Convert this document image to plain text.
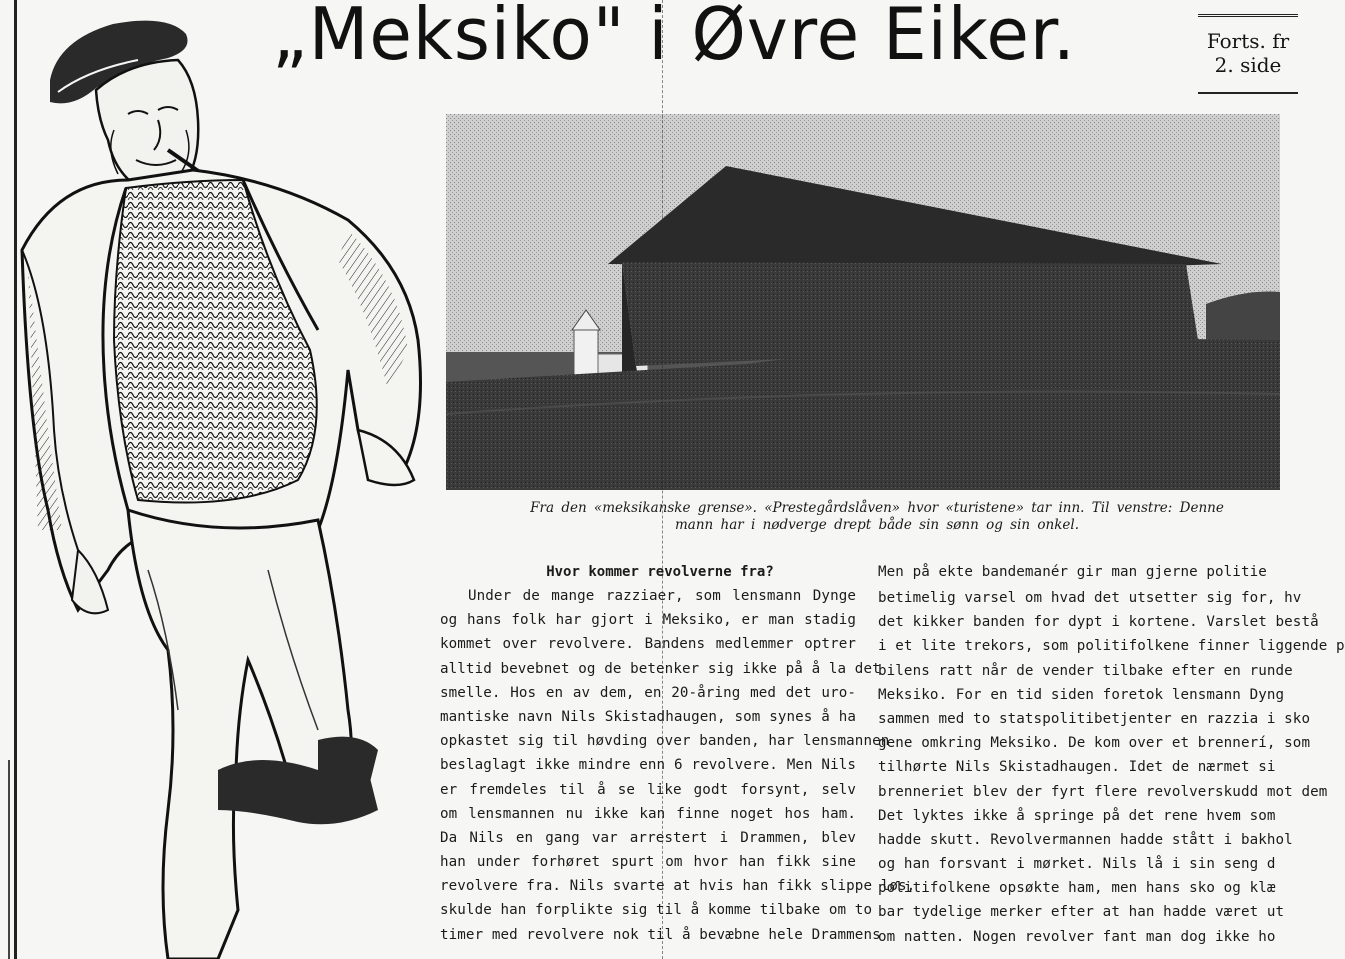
„Meksiko" i Øvre Eiker.	Forts. fr
2. side
Fra den «meksikanske grense». «Prestegårdslåven» hvor «turistene» tar inn. Til venstre: Denne
mann har i nødverge drept både sin sønn og sin onkel.
Hvor kommer revolverne fra?
Under de mange razziaer, som lensmann Dynge
og hans folk har gjort i Meksiko, er man stadig
kommet over revolvere. Bandens medlemmer optrer
alltid bevebnet og de betenker sig ikke på å la det
smelle. Hos en av dem, en 20-åring med det uro-
mantiske navn Nils Skistadhaugen, som synes å ha
opkastet sig til høvding over banden, har lensmannen
beslaglagt ikke mindre enn 6 revolvere. Men Nils
er fremdeles til å se like godt forsynt, selv
om lensmannen nu ikke kan finne noget hos ham.
Da Nils en gang var arrestert i Drammen, blev
han under forhøret spurt om hvor han fikk sine
revolvere fra. Nils svarte at hvis han fikk slippe løs,
skulde han forplikte sig til å komme tilbake om to
timer med revolvere nok til å bevæbne hele Drammens
Men på ekte bandemanér gir man gjerne politie
betimelig varsel om hvad det utsetter sig for, hv
det kikker banden for dypt i kortene. Varslet bestå
i et lite trekors, som politifolkene finner liggende p
bilens ratt når de vender tilbake efter en runde
Meksiko. For en tid siden foretok lensmann Dyng
sammen med to statspolitibetjenter en razzia i sko
gene omkring Meksiko. De kom over et brennerí, som
tilhørte Nils Skistadhaugen. Idet de nærmet si
brenneriet blev der fyrt flere revolverskudd mot dem
Det lyktes ikke å springe på det rene hvem som
hadde skutt. Revolvermannen hadde stått i bakhol
og han forsvant i mørket. Nils lå i sin seng d
politifolkene opsøkte ham, men hans sko og klæ
bar tydelige merker efter at han hadde været ut
om natten. Nogen revolver fant man dog ikke ho
